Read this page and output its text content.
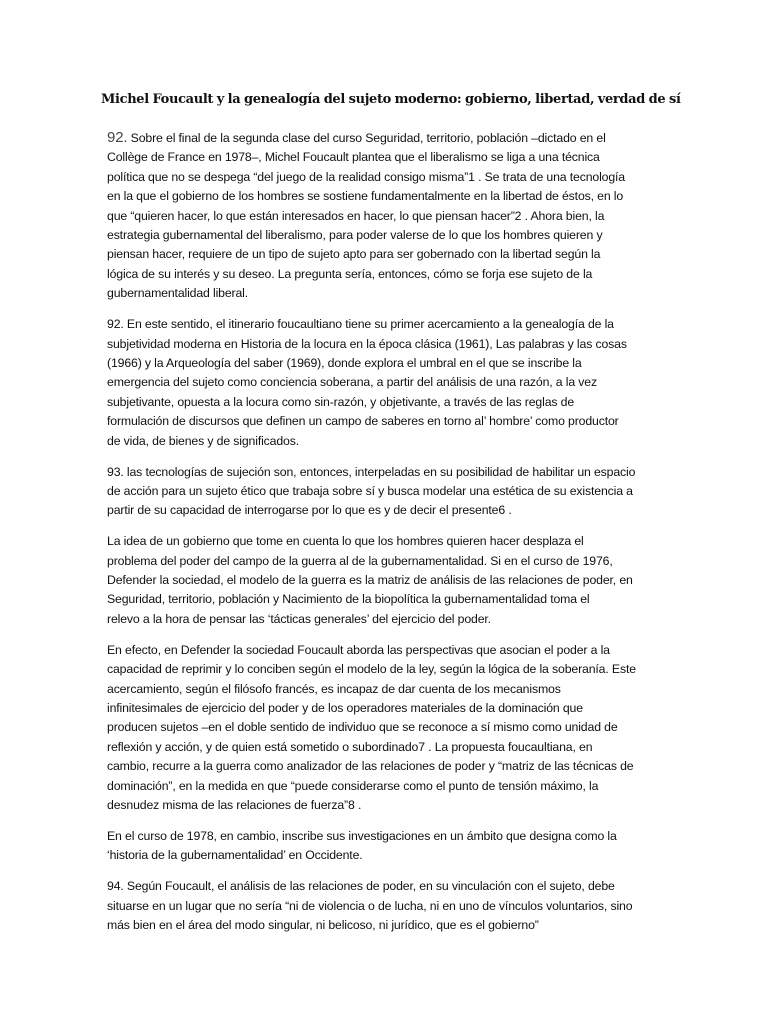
Michel Foucault y la genealogía del sujeto moderno: gobierno, libertad, verdad de sí
92. Sobre el final de la segunda clase del curso Seguridad, territorio, población –dictado en el
Collège de France en 1978–, Michel Foucault plantea que el liberalismo se liga a una técnica
política que no se despega “del juego de la realidad consigo misma”1 . Se trata de una tecnología
en la que el gobierno de los hombres se sostiene fundamentalmente en la libertad de éstos, en lo
que “quieren hacer, lo que están interesados en hacer, lo que piensan hacer”2 . Ahora bien, la
estrategia gubernamental del liberalismo, para poder valerse de lo que los hombres quieren y
piensan hacer, requiere de un tipo de sujeto apto para ser gobernado con la libertad según la
lógica de su interés y su deseo. La pregunta sería, entonces, cómo se forja ese sujeto de la
gubernamentalidad liberal.
92. En este sentido, el itinerario foucaultiano tiene su primer acercamiento a la genealogía de la
subjetividad moderna en Historia de la locura en la época clásica (1961), Las palabras y las cosas
(1966) y la Arqueología del saber (1969), donde explora el umbral en el que se inscribe la
emergencia del sujeto como conciencia soberana, a partir del análisis de una razón, a la vez
subjetivante, opuesta a la locura como sin-razón, y objetivante, a través de las reglas de
formulación de discursos que definen un campo de saberes en torno al’ hombre’ como productor
de vida, de bienes y de significados.
93. las tecnologías de sujeción son, entonces, interpeladas en su posibilidad de habilitar un espacio
de acción para un sujeto ético que trabaja sobre sí y busca modelar una estética de su existencia a
partir de su capacidad de interrogarse por lo que es y de decir el presente6 .
La idea de un gobierno que tome en cuenta lo que los hombres quieren hacer desplaza el
problema del poder del campo de la guerra al de la gubernamentalidad. Si en el curso de 1976,
Defender la sociedad, el modelo de la guerra es la matriz de análisis de las relaciones de poder, en
Seguridad, territorio, población y Nacimiento de la biopolítica la gubernamentalidad toma el
relevo a la hora de pensar las ‘tácticas generales’ del ejercicio del poder.
En efecto, en Defender la sociedad Foucault aborda las perspectivas que asocian el poder a la
capacidad de reprimir y lo conciben según el modelo de la ley, según la lógica de la soberanía. Este
acercamiento, según el filósofo francés, es incapaz de dar cuenta de los mecanismos
infinitesimales de ejercicio del poder y de los operadores materiales de la dominación que
producen sujetos –en el doble sentido de individuo que se reconoce a sí mismo como unidad de
reflexión y acción, y de quien está sometido o subordinado7 . La propuesta foucaultiana, en
cambio, recurre a la guerra como analizador de las relaciones de poder y “matriz de las técnicas de
dominación”, en la medida en que “puede considerarse como el punto de tensión máximo, la
desnudez misma de las relaciones de fuerza”8 .
En el curso de 1978, en cambio, inscribe sus investigaciones en un ámbito que designa como la
‘historia de la gubernamentalidad’ en Occidente.
94. Según Foucault, el análisis de las relaciones de poder, en su vinculación con el sujeto, debe
situarse en un lugar que no sería “ni de violencia o de lucha, ni en uno de vínculos voluntarios, sino
más bien en el área del modo singular, ni belicoso, ni jurídico, que es el gobierno”
